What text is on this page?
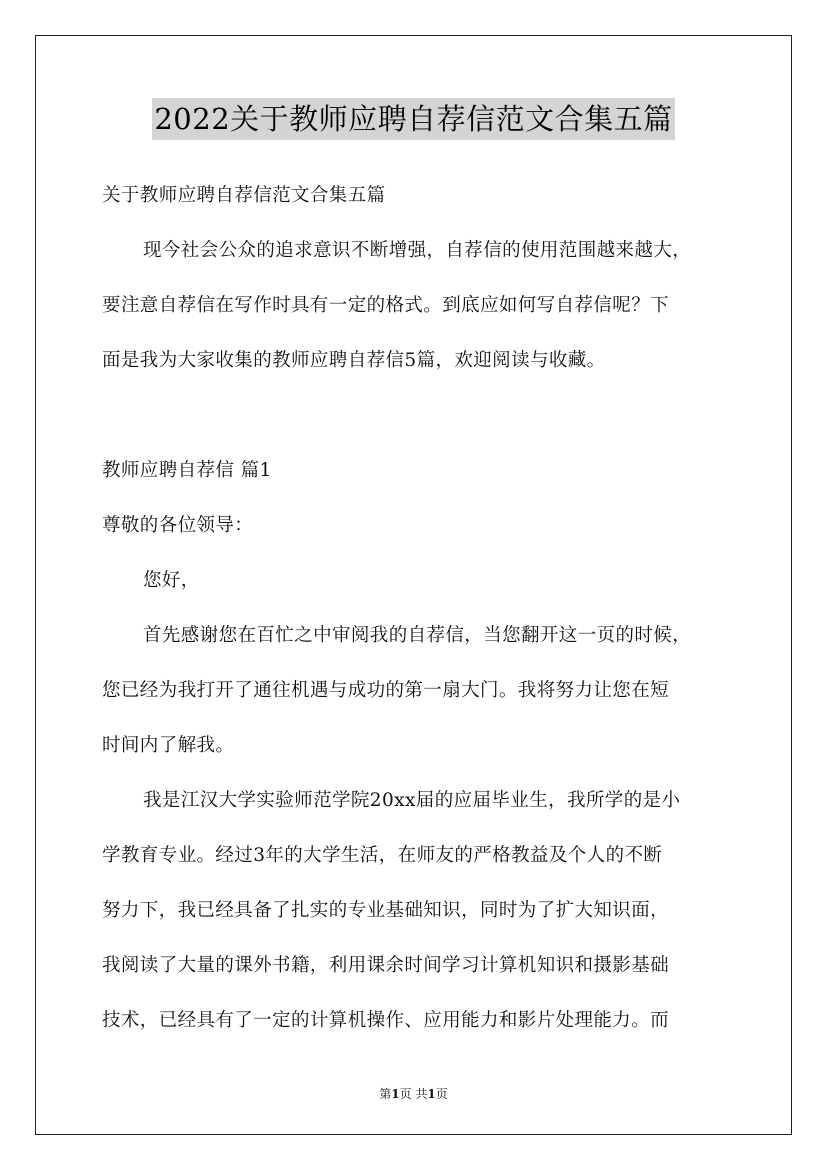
2022关于教师应聘自荐信范文合集五篇
关于教师应聘自荐信范文合集五篇
现今社会公众的追求意识不断增强，自荐信的使用范围越来越大，
要注意自荐信在写作时具有一定的格式。到底应如何写自荐信呢？下
面是我为大家收集的教师应聘自荐信5篇，欢迎阅读与收藏。
教师应聘自荐信 篇1
尊敬的各位领导：
您好，
首先感谢您在百忙之中审阅我的自荐信，当您翻开这一页的时候，
您已经为我打开了通往机遇与成功的第一扇大门。我将努力让您在短
时间内了解我。
我是江汉大学实验师范学院20xx届的应届毕业生，我所学的是小
学教育专业。经过3年的大学生活，在师友的严格教益及个人的不断
努力下，我已经具备了扎实的专业基础知识，同时为了扩大知识面，
我阅读了大量的课外书籍，利用课余时间学习计算机知识和摄影基础
技术，已经具有了一定的计算机操作、应用能力和影片处理能力。而
第1页 共1页
